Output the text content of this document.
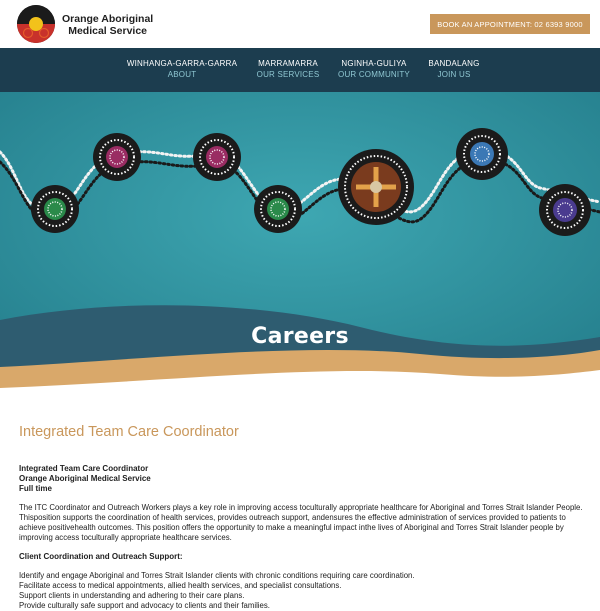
Orange Aboriginal
Medical Service
BOOK AN APPOINTMENT: 02 6393 9000
WINHANGA-GARRA-GARRA
ABOUT
MARRAMARRA
OUR SERVICES
NGINHA-GULIYA
OUR COMMUNITY
BANDALANG
JOIN US
Careers
Integrated Team Care Coordinator
Integrated Team Care Coordinator
Orange Aboriginal Medical Service
Full time
The ITC Coordinator and Outreach Workers plays a key role in improving access toculturally appropriate healthcare for Aboriginal and Torres Strait Islander People. Thisposition supports the coordination of health services, provides outreach support, andensures the effective administration of services provided to patients to achieve positivehealth outcomes. This position offers the opportunity to make a meaningful impact inthe lives of Aboriginal and Torres Strait Islander people by improving access toculturally appropriate healthcare services.
Client Coordination and Outreach Support:
Identify and engage Aboriginal and Torres Strait Islander clients with chronic conditions requiring care coordination.
Facilitate access to medical appointments, allied health services, and specialist consultations.
Support clients in understanding and adhering to their care plans.
Provide culturally safe support and advocacy to clients and their families.
